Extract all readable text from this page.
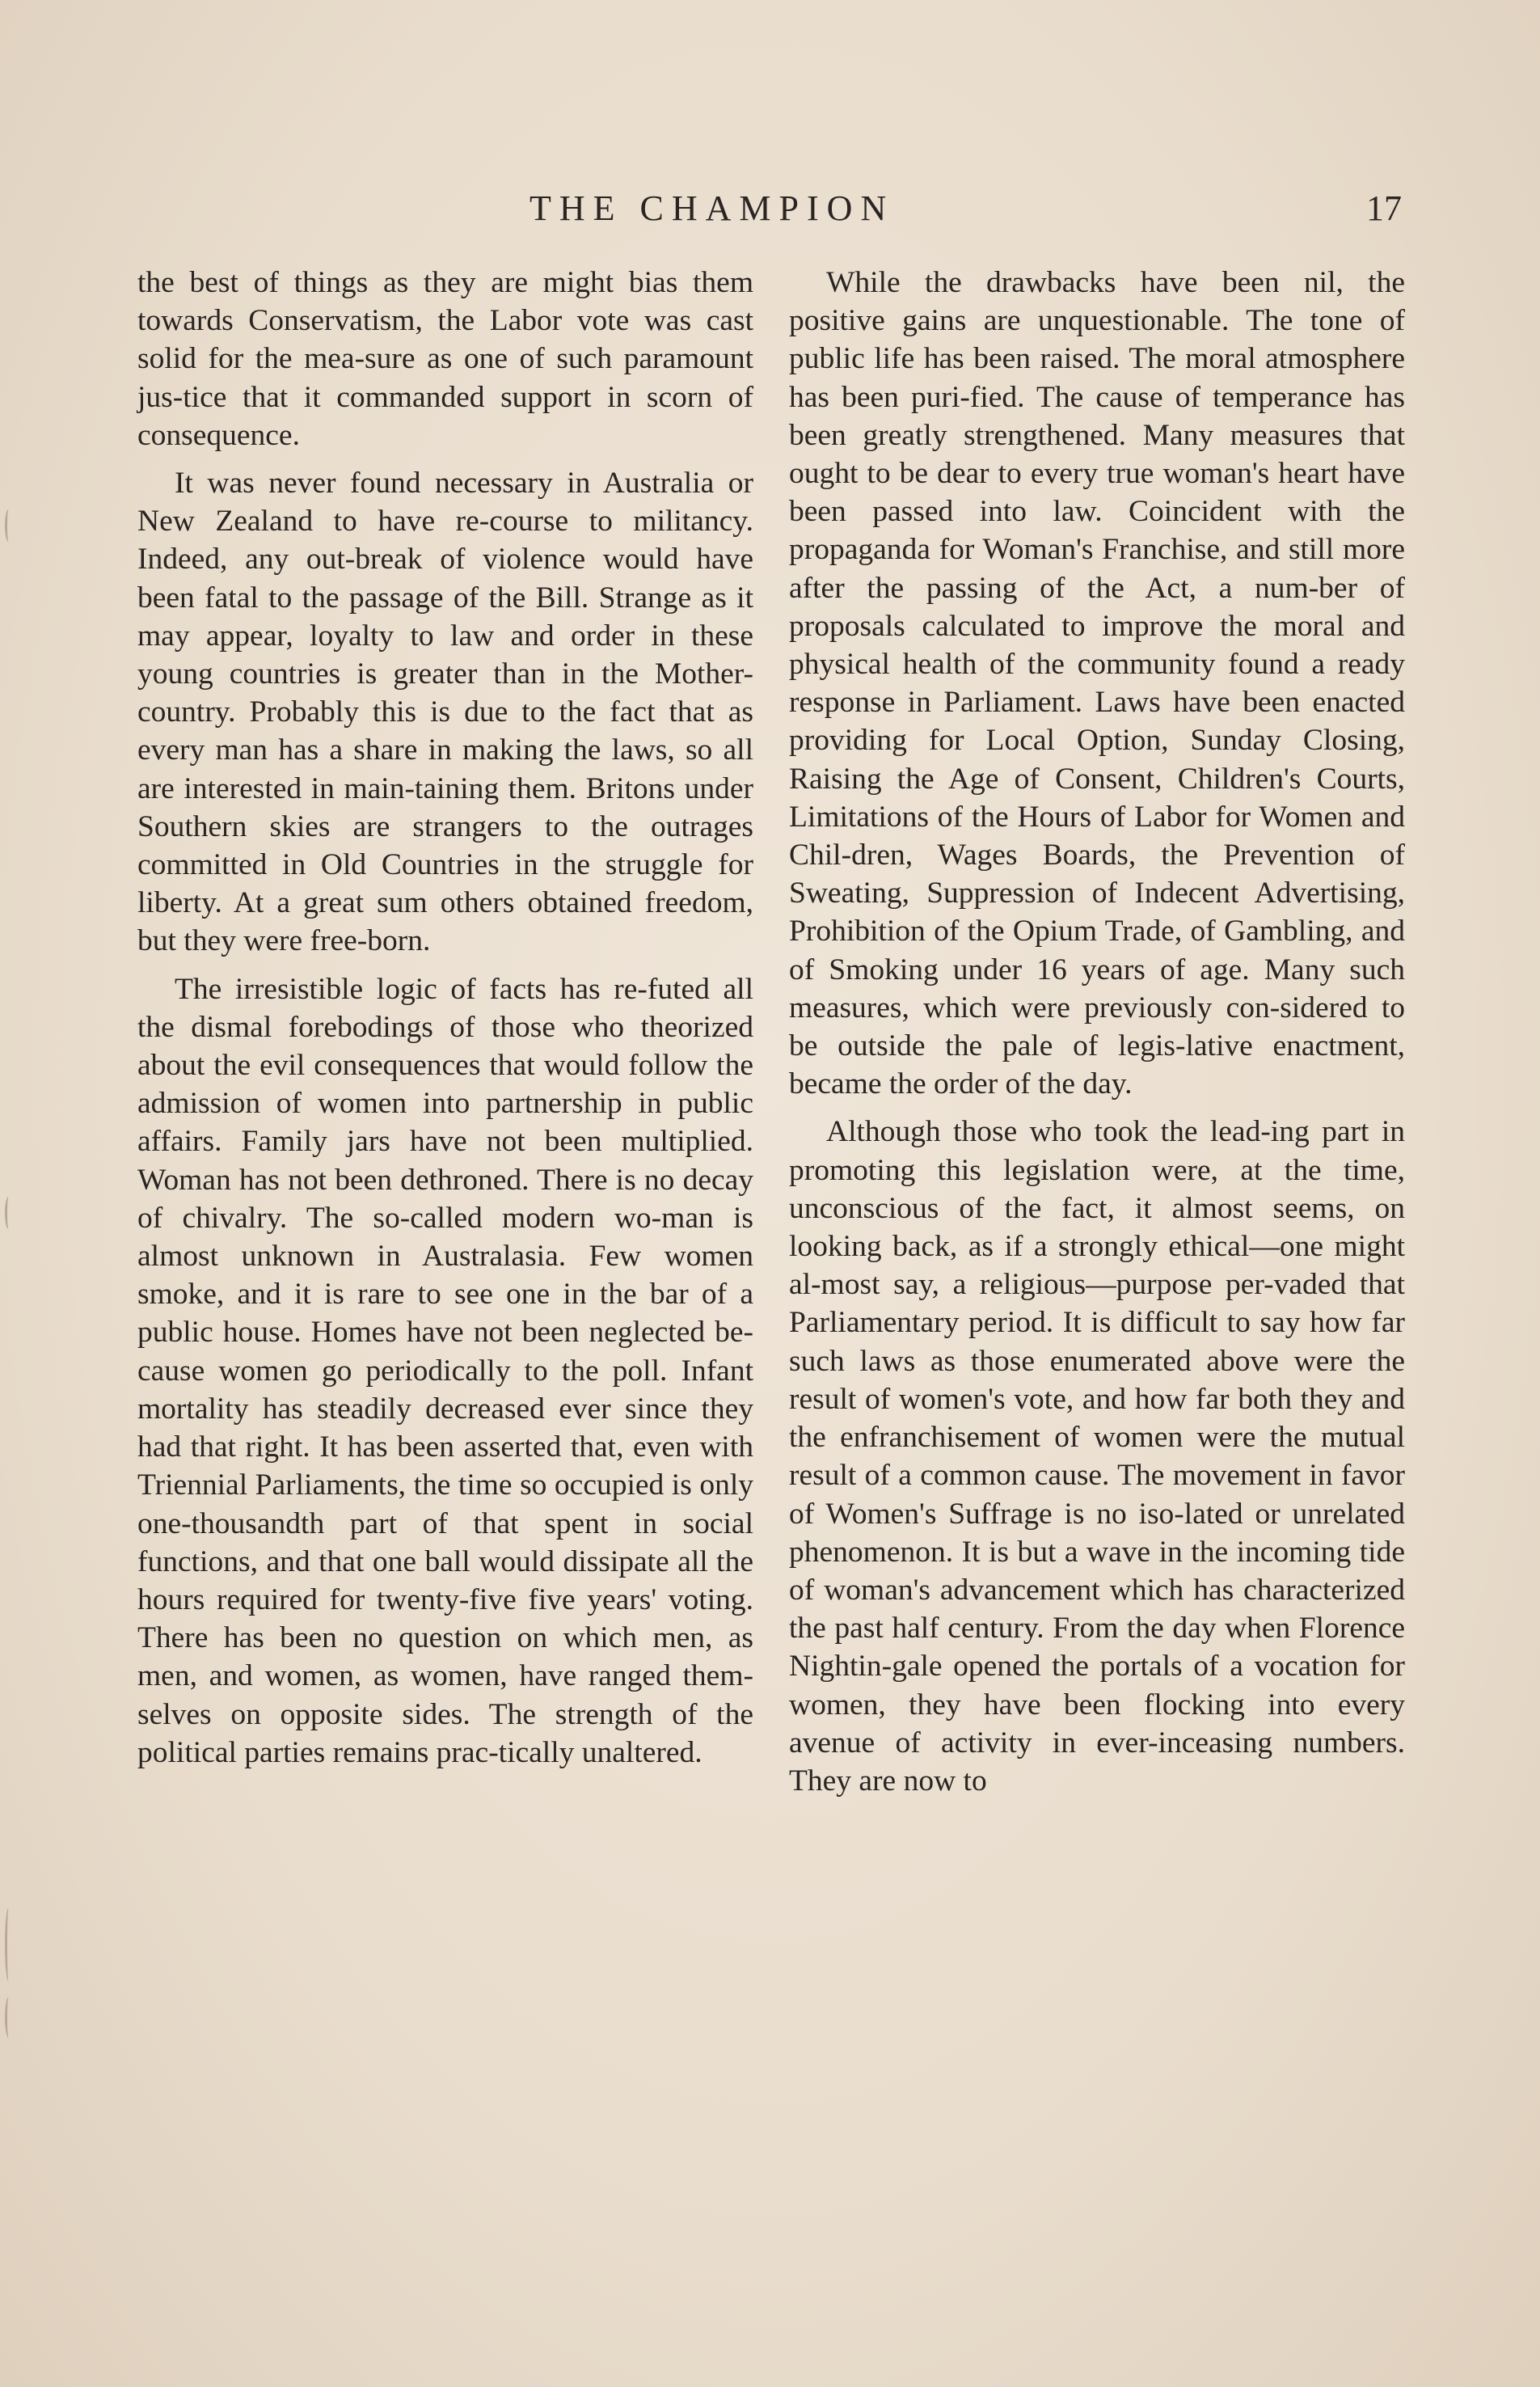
THE CHAMPION	17

the best of things as they are might bias them towards Conservatism, the Labor vote was cast solid for the mea-sure as one of such paramount jus-tice that it commanded support in scorn of consequence.

It was never found necessary in Australia or New Zealand to have re-course to militancy. Indeed, any out-break of violence would have been fatal to the passage of the Bill. Strange as it may appear, loyalty to law and order in these young countries is greater than in the Mother-country. Probably this is due to the fact that as every man has a share in making the laws, so all are interested in main-taining them. Britons under Southern skies are strangers to the outrages committed in Old Countries in the struggle for liberty. At a great sum others obtained freedom, but they were free-born.

The irresistible logic of facts has re-futed all the dismal forebodings of those who theorized about the evil consequences that would follow the admission of women into partnership in public affairs. Family jars have not been multiplied. Woman has not been dethroned. There is no decay of chivalry. The so-called modern wo-man is almost unknown in Australasia. Few women smoke, and it is rare to see one in the bar of a public house. Homes have not been neglected be-cause women go periodically to the poll. Infant mortality has steadily decreased ever since they had that right. It has been asserted that, even with Triennial Parliaments, the time so occupied is only one-thousandth part of that spent in social functions, and that one ball would dissipate all the hours required for twenty-five five years' voting. There has been no question on which men, as men, and women, as women, have ranged them-selves on opposite sides. The strength of the political parties remains prac-tically unaltered.

While the drawbacks have been nil, the positive gains are unquestionable. The tone of public life has been raised. The moral atmosphere has been puri-fied. The cause of temperance has been greatly strengthened. Many measures that ought to be dear to every true woman's heart have been passed into law. Coincident with the propaganda for Woman's Franchise, and still more after the passing of the Act, a num-ber of proposals calculated to improve the moral and physical health of the community found a ready response in Parliament. Laws have been enacted providing for Local Option, Sunday Closing, Raising the Age of Consent, Children's Courts, Limitations of the Hours of Labor for Women and Chil-dren, Wages Boards, the Prevention of Sweating, Suppression of Indecent Advertising, Prohibition of the Opium Trade, of Gambling, and of Smoking under 16 years of age. Many such measures, which were previously con-sidered to be outside the pale of legis-lative enactment, became the order of the day.

Although those who took the lead-ing part in promoting this legislation were, at the time, unconscious of the fact, it almost seems, on looking back, as if a strongly ethical—one might al-most say, a religious—purpose per-vaded that Parliamentary period. It is difficult to say how far such laws as those enumerated above were the result of women's vote, and how far both they and the enfranchisement of women were the mutual result of a common cause. The movement in favor of Women's Suffrage is no iso-lated or unrelated phenomenon. It is but a wave in the incoming tide of woman's advancement which has characterized the past half century. From the day when Florence Nightin-gale opened the portals of a vocation for women, they have been flocking into every avenue of activity in ever-inceasing numbers. They are now to
